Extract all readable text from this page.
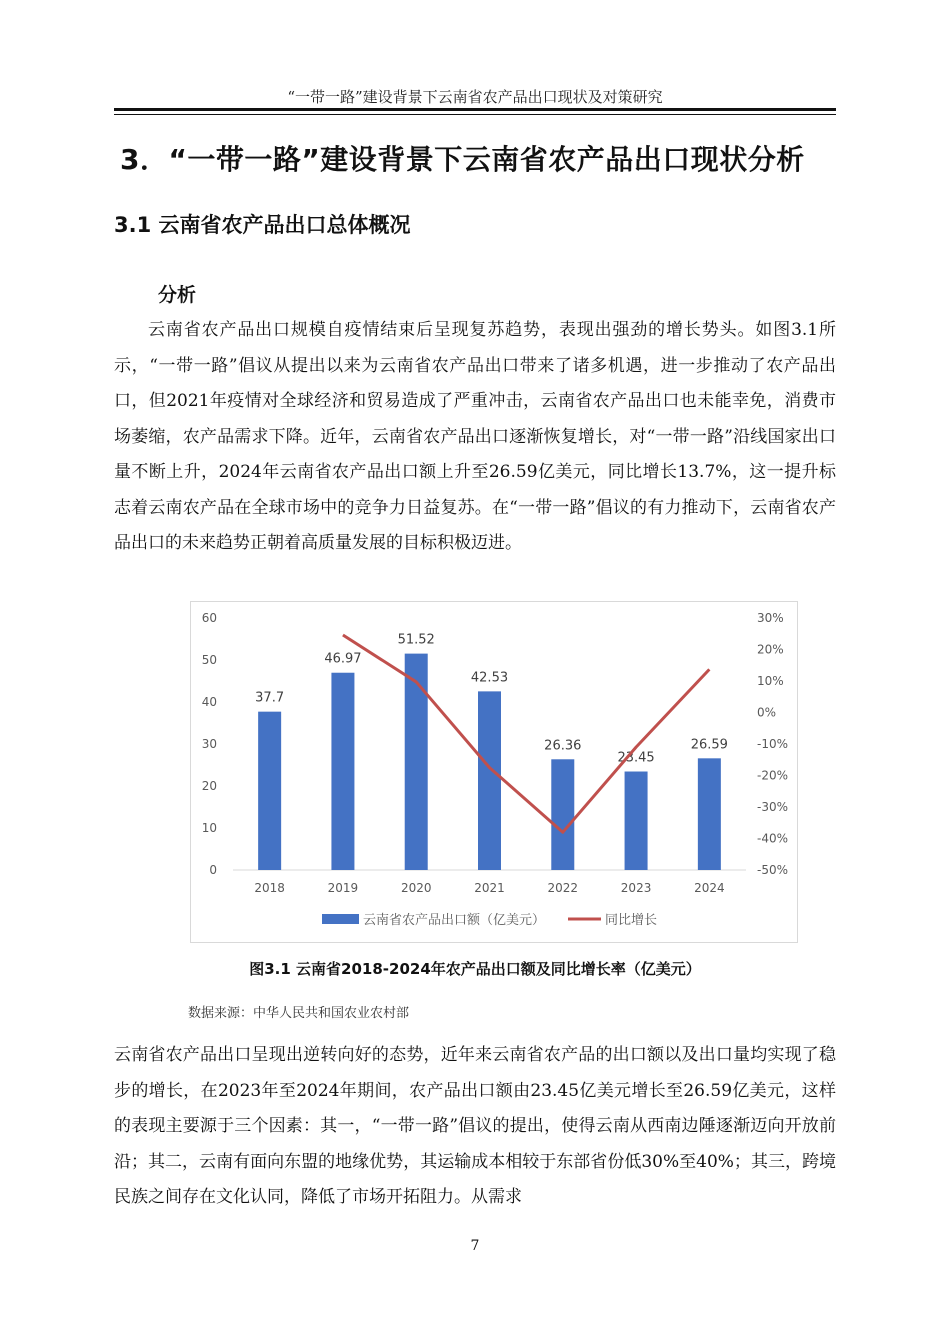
“一带一路”建设背景下云南省农产品出口现状及对策研究
3．“一带一路”建设背景下云南省农产品出口现状分析
3.1 云南省农产品出口总体概况
分析

云南省农产品出口规模自疫情结束后呈现复苏趋势，表现出强劲的增长势头。如图3.1所示，“一带一路”倡议从提出以来为云南省农产品出口带来了诸多机遇，进一步推动了农产品出口，但2021年疫情对全球经济和贸易造成了严重冲击，云南省农产品出口也未能幸免，消费市场萎缩，农产品需求下降。近年，云南省农产品出口逐渐恢复增长，对“一带一路”沿线国家出口量不断上升，2024年云南省农产品出口额上升至26.59亿美元，同比增长13.7%，这一提升标志着云南农产品在全球市场中的竞争力日益复苏。在“一带一路”倡议的有力推动下，云南省农产品出口的未来趋势正朝着高质量发展的目标积极迈进。

0
10
20
30
40
50
60
-50%
-40%
-30%
-20%
-10%
0%
10%
20%
30%
37.7
2018
46.97
2019
51.52
2020
42.53
2021
26.36
2022
23.45
2023
26.59
2024
云南省农产品出口额（亿美元）	同比增长
图3.1 云南省2018-2024年农产品出口额及同比增长率（亿美元）
数据来源：中华人民共和国农业农村部

云南省农产品出口呈现出逆转向好的态势，近年来云南省农产品的出口额以及出口量均实现了稳步的增长，在2023年至2024年期间，农产品出口额由23.45亿美元增长至26.59亿美元，这样的表现主要源于三个因素：其一，“一带一路”倡议的提出，使得云南从西南边陲逐渐迈向开放前沿；其二，云南有面向东盟的地缘优势，其运输成本相较于东部省份低30%至40%；其三，跨境民族之间存在文化认同，降低了市场开拓阻力。从需求

7
